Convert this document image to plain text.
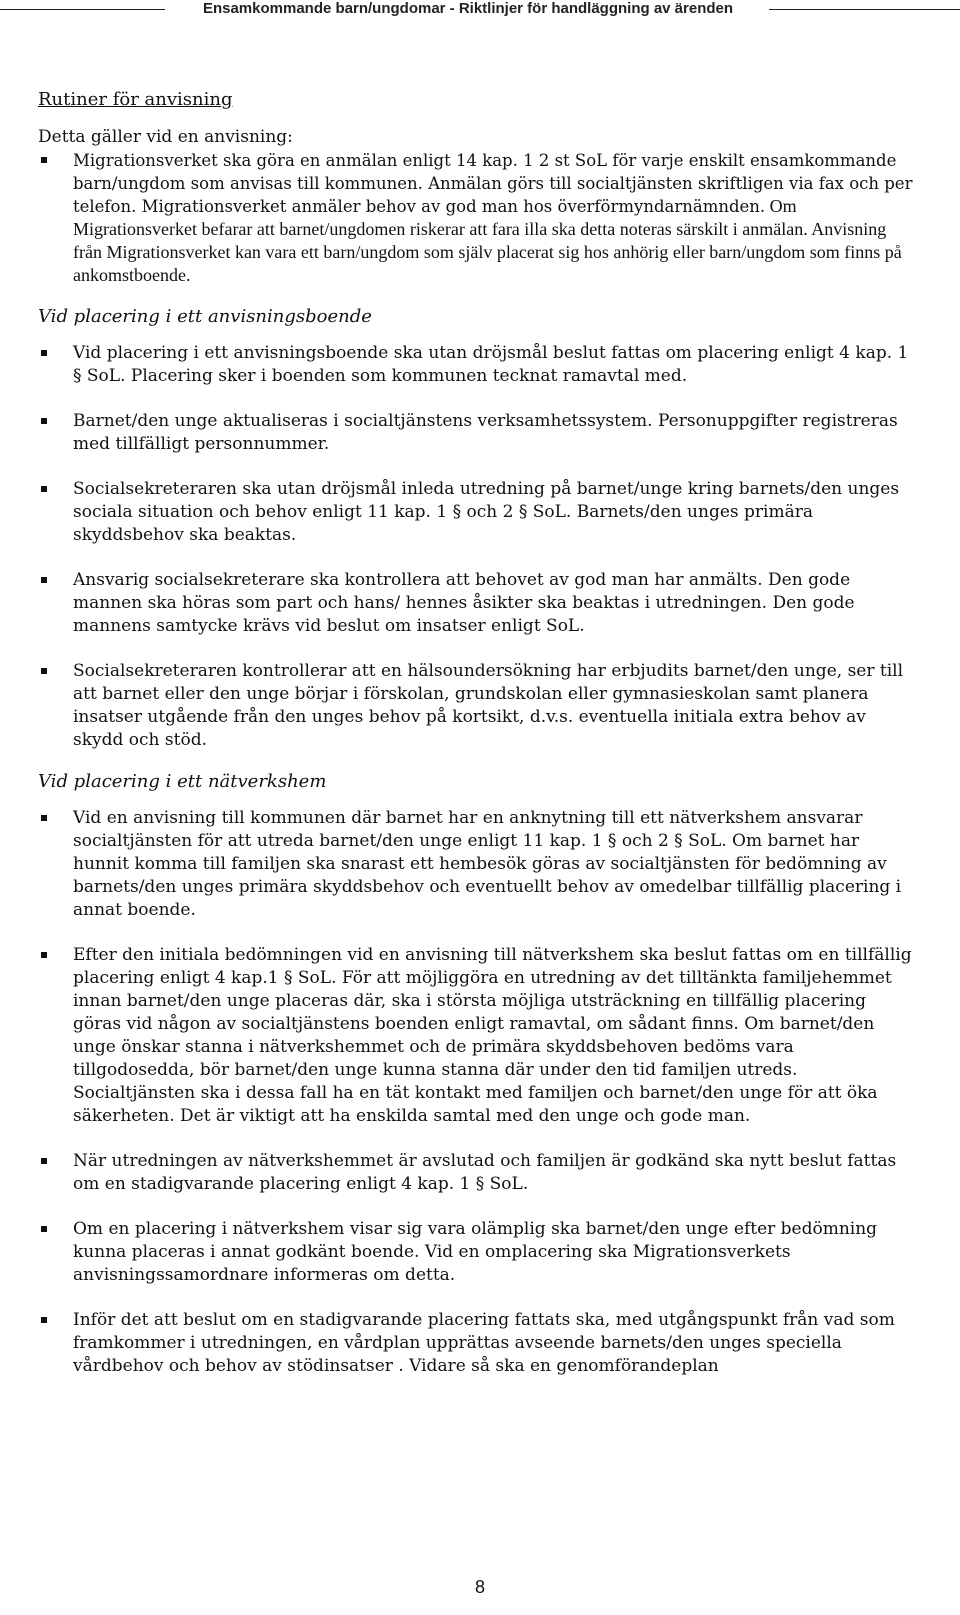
Ensamkommande barn/ungdomar - Riktlinjer för handläggning av ärenden
Rutiner för anvisning

Detta gäller vid en anvisning:

Migrationsverket ska göra en anmälan enligt 14 kap. 1 2 st SoL för varje enskilt ensamkommande barn/ungdom som anvisas till kommunen. Anmälan görs till socialtjänsten skriftligen via fax och per telefon. Migrationsverket anmäler behov av god man hos överförmyndarnämnden. Om Migrationsverket befarar att barnet/ungdomen riskerar att fara illa ska detta noteras särskilt i anmälan. Anvisning från Migrationsverket kan vara ett barn/ungdom som själv placerat sig hos anhörig eller barn/ungdom som finns på ankomstboende.
Vid placering i ett anvisningsboende
Vid placering i ett anvisningsboende ska utan dröjsmål beslut fattas om placering enligt 4 kap. 1 § SoL. Placering sker i boenden som kommunen tecknat ramavtal med.
Barnet/den unge aktualiseras i socialtjänstens verksamhetssystem. Personuppgifter registreras med tillfälligt personnummer.
Socialsekreteraren ska utan dröjsmål inleda utredning på barnet/unge kring barnets/den unges sociala situation och behov enligt 11 kap. 1 § och 2 § SoL. Barnets/den unges primära skyddsbehov ska beaktas.
Ansvarig socialsekreterare ska kontrollera att behovet av god man har anmälts. Den gode mannen ska höras som part och hans/ hennes åsikter ska beaktas i utredningen. Den gode mannens samtycke krävs vid beslut om insatser enligt SoL.
Socialsekreteraren kontrollerar att en hälsoundersökning har erbjudits barnet/den unge, ser till att barnet eller den unge börjar i förskolan, grundskolan eller gymnasieskolan samt planera insatser utgående från den unges behov på kortsikt, d.v.s. eventuella initiala extra behov av skydd och stöd.
Vid placering i ett nätverkshem
Vid en anvisning till kommunen där barnet har en anknytning till ett nätverkshem ansvarar socialtjänsten för att utreda barnet/den unge enligt 11 kap. 1 § och 2 § SoL. Om barnet har hunnit komma till familjen ska snarast ett hembesök göras av socialtjänsten för bedömning av barnets/den unges primära skyddsbehov och eventuellt behov av omedelbar tillfällig placering i annat boende.
Efter den initiala bedömningen vid en anvisning till nätverkshem ska beslut fattas om en tillfällig placering enligt 4 kap.1 § SoL. För att möjliggöra en utredning av det tilltänkta familjehemmet innan barnet/den unge placeras där, ska i största möjliga utsträckning en tillfällig placering göras vid någon av socialtjänstens boenden enligt ramavtal, om sådant finns. Om barnet/den unge önskar stanna i nätverkshemmet och de primära skyddsbehoven bedöms vara tillgodosedda, bör barnet/den unge kunna stanna där under den tid familjen utreds. Socialtjänsten ska i dessa fall ha en tät kontakt med familjen och barnet/den unge för att öka säkerheten. Det är viktigt att ha enskilda samtal med den unge och gode man.
När utredningen av nätverkshemmet är avslutad och familjen är godkänd ska nytt beslut fattas om en stadigvarande placering enligt 4 kap. 1 § SoL.
Om en placering i nätverkshem visar sig vara olämplig ska barnet/den unge efter bedömning kunna placeras i annat godkänt boende. Vid en omplacering ska Migrationsverkets anvisningssamordnare informeras om detta.
Inför det att beslut om en stadigvarande placering fattats ska, med utgångspunkt från vad som framkommer i utredningen, en vårdplan upprättas avseende barnets/den unges speciella vårdbehov och behov av stödinsatser . Vidare så ska en genomförandeplan
8
